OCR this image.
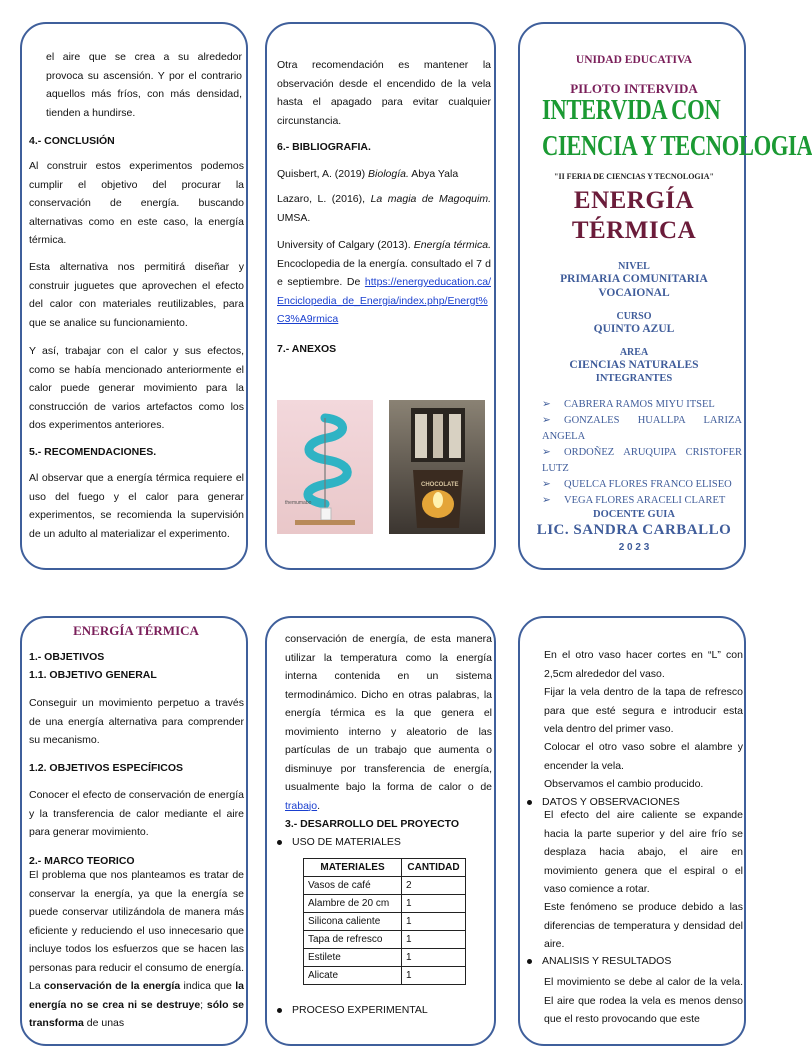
el aire que se crea a su alrededor provoca su ascensión. Y por el contrario aquellos más fríos, con más densidad, tienden a hundirse.
4.- CONCLUSIÓN
Al construir estos experimentos podemos cumplir el objetivo del procurar la conservación de energía. buscando alternativas como en este caso, la energía térmica.
Esta alternativa nos permitirá diseñar y construir juguetes que aprovechen el efecto del calor con materiales reutilizables, para que se analice su funcionamiento.
Y así, trabajar con el calor y sus efectos, como se había mencionado anteriormente el calor puede generar movimiento para la construcción de varios artefactos como los dos experimentos anteriores.
5.- RECOMENDACIONES.
Al observar que a energía térmica requiere el uso del fuego y el calor para generar experimentos, se recomienda la supervisión de un adulto al materializar el experimento.
Otra recomendación es mantener la observación desde el encendido de la vela hasta el apagado para evitar cualquier circunstancia.
6.- BIBLIOGRAFIA.
Quisbert, A. (2019) Biología. Abya Yala
Lazaro, L. (2016), La magia de Magoquim. UMSA.
University of Calgary (2013). Energía térmica. Encoclopedia de la energía. consultado el 7 de septiembre. De https://energyeducation.ca/Enciclopedia_de_Energia/index.php/Energt%C3%A9rmica
7.- ANEXOS
themumabo
CHOCOLATE
UNIDAD EDUCATIVA
PILOTO INTERVIDA
INTERVIDA CON
CIENCIA Y TECNOLOGIA
"II FERIA DE CIENCIAS Y TECNOLOGIA"
ENERGÍA
TÉRMICA
NIVEL
PRIMARIA COMUNITARIA
VOCAIONAL
CURSO
QUINTO AZUL
AREA
CIENCIAS NATURALES
INTEGRANTES
➢ CABRERA RAMOS MIYU ITSEL
➢ GONZALES HUALLPA LARIZA ANGELA
➢ ORDOÑEZ ARUQUIPA CRISTOFER LUTZ
➢ QUELCA FLORES FRANCO ELISEO
➢ VEGA FLORES ARACELI CLARET
DOCENTE GUIA
LIC. SANDRA CARBALLO
2 0 2 3
ENERGÍA TÉRMICA
1.- OBJETIVOS
1.1. OBJETIVO GENERAL
Conseguir un movimiento perpetuo a través de una energía alternativa para comprender su mecanismo.
1.2. OBJETIVOS ESPECÍFICOS
Conocer el efecto de conservación de energía y la transferencia de calor mediante el aire para generar movimiento.
2.- MARCO TEORICO
El problema que nos planteamos es tratar de conservar la energía, ya que la energía se puede conservar utilizándola de manera más eficiente y reduciendo el uso innecesario que incluye todos los esfuerzos que se hacen las personas para reducir el consumo de energía. La conservación de la energía indica que la energía no se crea ni se destruye; sólo se transforma de unas
conservación de energía, de esta manera utilizar la temperatura como la energía interna contenida en un sistema termodinámico. Dicho en otras palabras, la energía térmica es la que genera el movimiento interno y aleatorio de las partículas de un trabajo que aumenta o disminuye por transferencia de energía, usualmente bajo la forma de calor o de trabajo.
3.- DESARROLLO DEL PROYECTO
USO DE MATERIALES
MATERIALES	CANTIDAD
Vasos de café	2
Alambre de 20 cm	1
Silicona caliente	1
Tapa de refresco	1
Estilete	1
Alicate	1
PROCESO EXPERIMENTAL
En el otro vaso hacer cortes en “L” con 2,5cm alrededor del vaso.
Fijar la vela dentro de la tapa de refresco para que esté segura e introducir esta vela dentro del primer vaso.
Colocar el otro vaso sobre el alambre y encender la vela.
Observamos el cambio producido.
DATOS Y OBSERVACIONES
El efecto del aire caliente se expande hacia la parte superior y del aire frío se desplaza hacia abajo, el aire en movimiento genera que el espiral o el vaso comience a rotar.
Este fenómeno se produce debido a las diferencias de temperatura y densidad del aire.
ANALISIS Y RESULTADOS
El movimiento se debe al calor de la vela. El aire que rodea la vela es menos denso que el resto provocando que este
